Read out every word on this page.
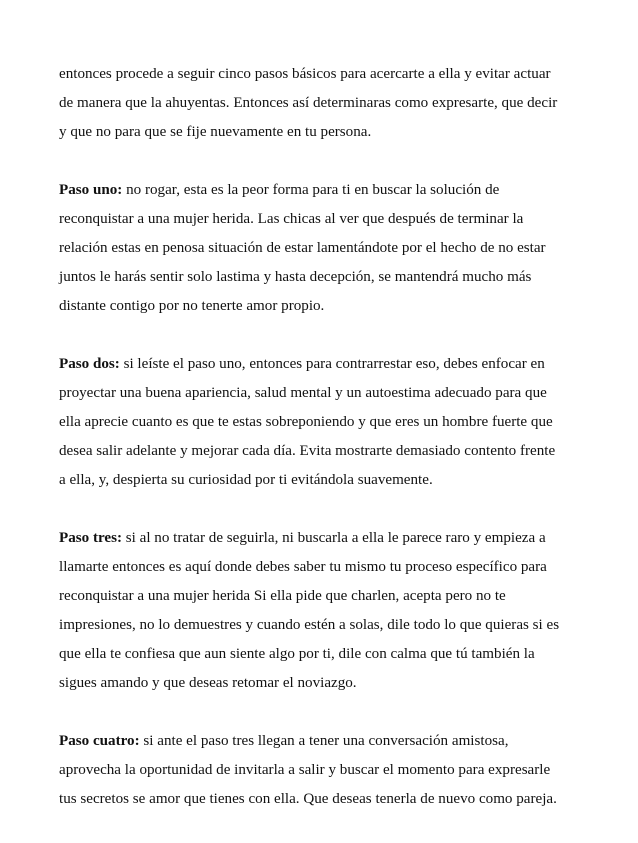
entonces procede a seguir cinco pasos básicos para acercarte a ella y evitar actuar
de manera que la ahuyentas. Entonces así determinaras como expresarte, que decir
y que no para que se fije nuevamente en tu persona.

Paso uno: no rogar, esta es la peor forma para ti en buscar la solución de
reconquistar a una mujer herida. Las chicas al ver que después de terminar la
relación estas en penosa situación de estar lamentándote por el hecho de no estar
juntos le harás sentir solo lastima y hasta decepción, se mantendrá mucho más
distante contigo por no tenerte amor propio.

Paso dos: si leíste el paso uno, entonces para contrarrestar eso, debes enfocar en
proyectar una buena apariencia, salud mental y un autoestima adecuado para que
ella aprecie cuanto es que te estas sobreponiendo y que eres un hombre fuerte que
desea salir adelante y mejorar cada día. Evita mostrarte demasiado contento frente
a ella, y, despierta su curiosidad por ti evitándola suavemente.

Paso tres: si al no tratar de seguirla, ni buscarla a ella le parece raro y empieza a
llamarte entonces es aquí donde debes saber tu mismo tu proceso específico para
reconquistar a una mujer herida Si ella pide que charlen, acepta pero no te
impresiones, no lo demuestres y cuando estén a solas, dile todo lo que quieras si es
que ella te confiesa que aun siente algo por ti, dile con calma que tú también la
sigues amando y que deseas retomar el noviazgo.

Paso cuatro: si ante el paso tres llegan a tener una conversación amistosa,
aprovecha la oportunidad de invitarla a salir y buscar el momento para expresarle
tus secretos se amor que tienes con ella. Que deseas tenerla de nuevo como pareja.
